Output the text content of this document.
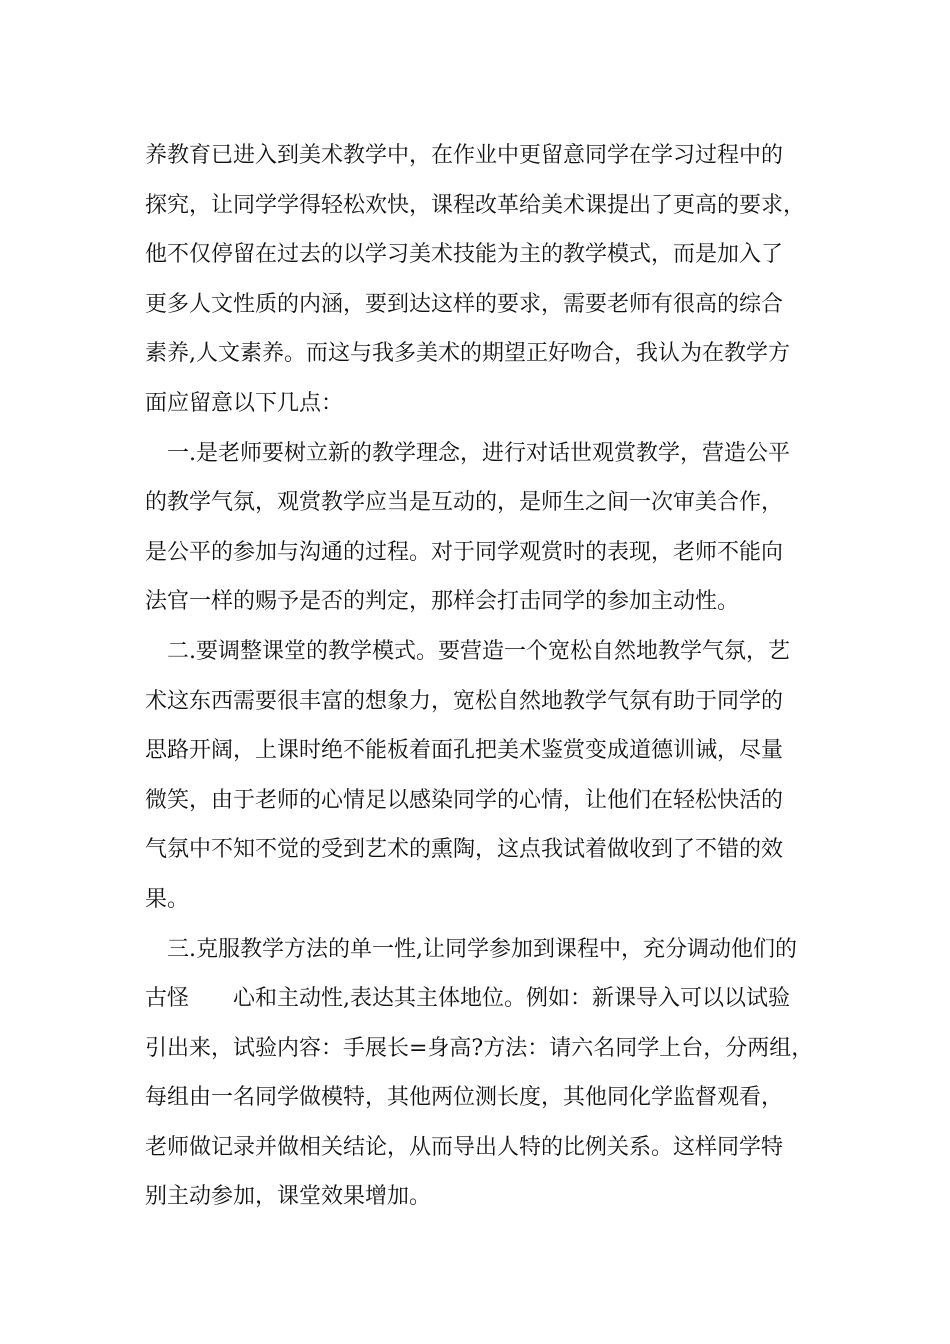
养教育已进入到美术教学中，在作业中更留意同学在学习过程中的
探究，让同学学得轻松欢快，课程改革给美术课提出了更高的要求，
他不仅停留在过去的以学习美术技能为主的教学模式，而是加入了
更多人文性质的内涵，要到达这样的要求，需要老师有很高的综合
素养,人文素养。而这与我多美术的期望正好吻合，我认为在教学方
面应留意以下几点：
一.是老师要树立新的教学理念，进行对话世观赏教学，营造公平
的教学气氛，观赏教学应当是互动的，是师生之间一次审美合作，
是公平的参加与沟通的过程。对于同学观赏时的表现，老师不能向
法官一样的赐予是否的判定，那样会打击同学的参加主动性。
二.要调整课堂的教学模式。要营造一个宽松自然地教学气氛，艺
术这东西需要很丰富的想象力，宽松自然地教学气氛有助于同学的
思路开阔，上课时绝不能板着面孔把美术鉴赏变成道德训诫，尽量
微笑，由于老师的心情足以感染同学的心情，让他们在轻松快活的
气氛中不知不觉的受到艺术的熏陶，这点我试着做收到了不错的效
果。
三.克服教学方法的单一性,让同学参加到课程中，充分调动他们的
古怪　　心和主动性,表达其主体地位。例如：新课导入可以以试验
引出来，试验内容：手展长=身高?方法：请六名同学上台，分两组，
每组由一名同学做模特，其他两位测长度，其他同化学监督观看，
老师做记录并做相关结论，从而导出人特的比例关系。这样同学特
别主动参加，课堂效果增加。
